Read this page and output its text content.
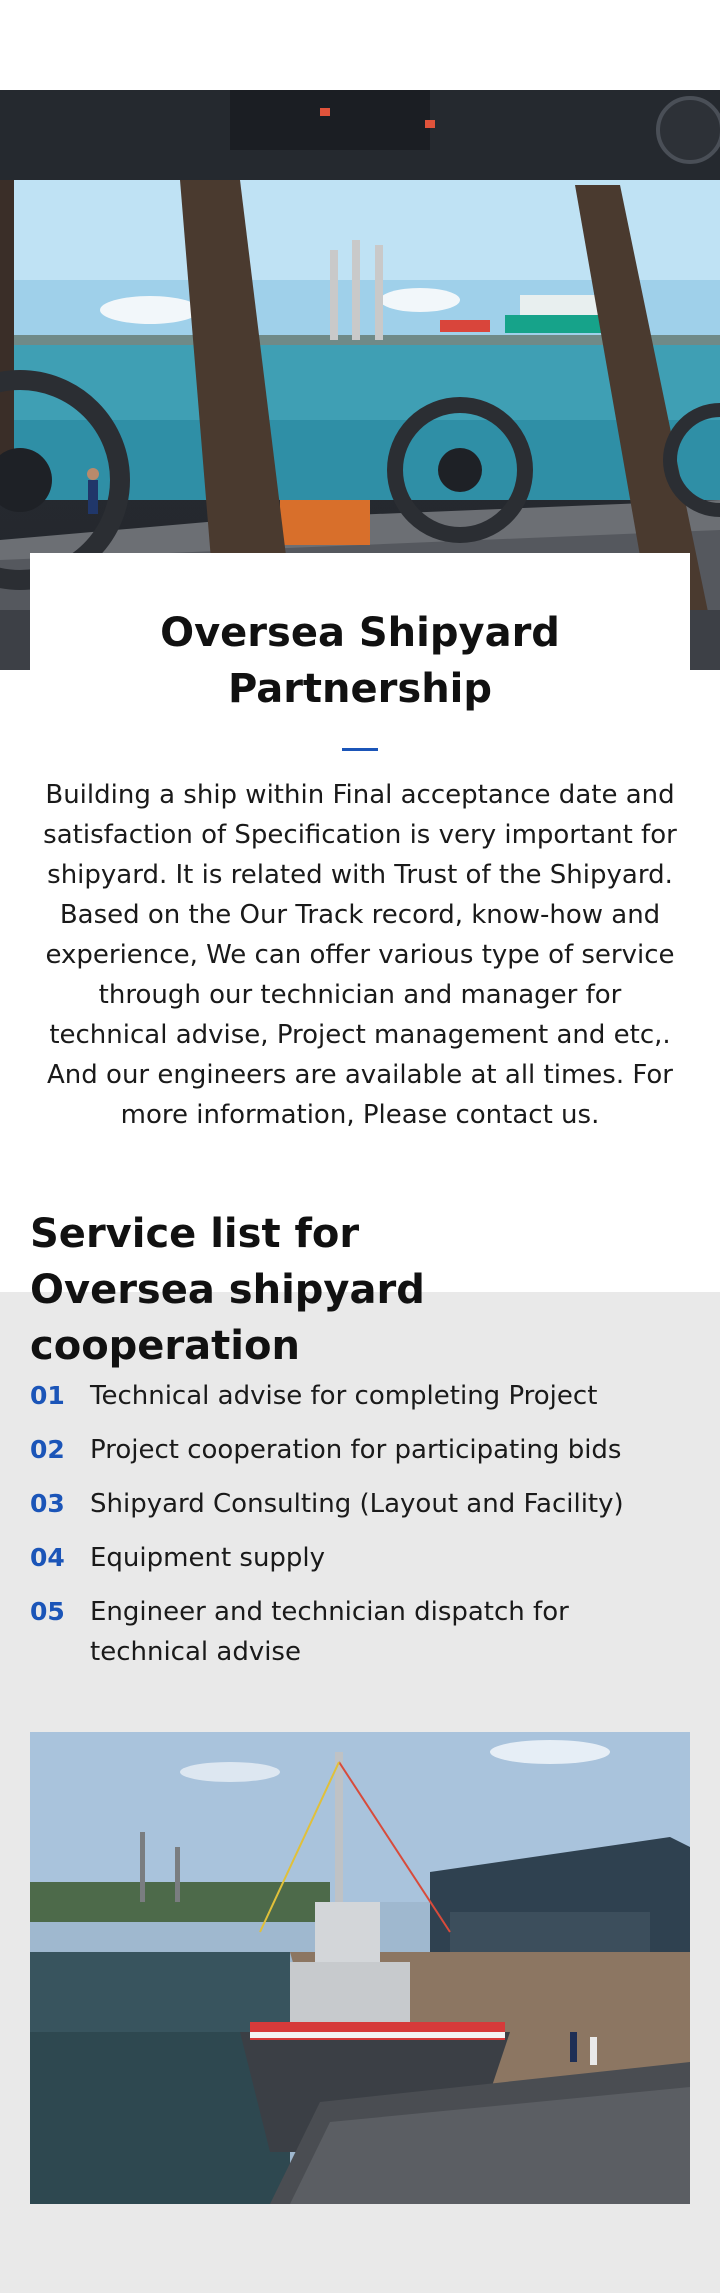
Oversea Shipyard Partnership

Building a ship within Final acceptance date and satisfaction of Specification is very important for shipyard. It is related with Trust of the Shipyard. Based on the Our Track record, know-how and experience, We can offer various type of service through our technician and manager for technical advise, Project management and etc,. And our engineers are available at all times. For more information, Please contact us.

Service list for
Oversea shipyard cooperation
01 Technical advise for completing Project
02 Project cooperation for participating bids
03 Shipyard Consulting (Layout and Facility)
04 Equipment supply
05 Engineer and technician dispatch for technical advise
